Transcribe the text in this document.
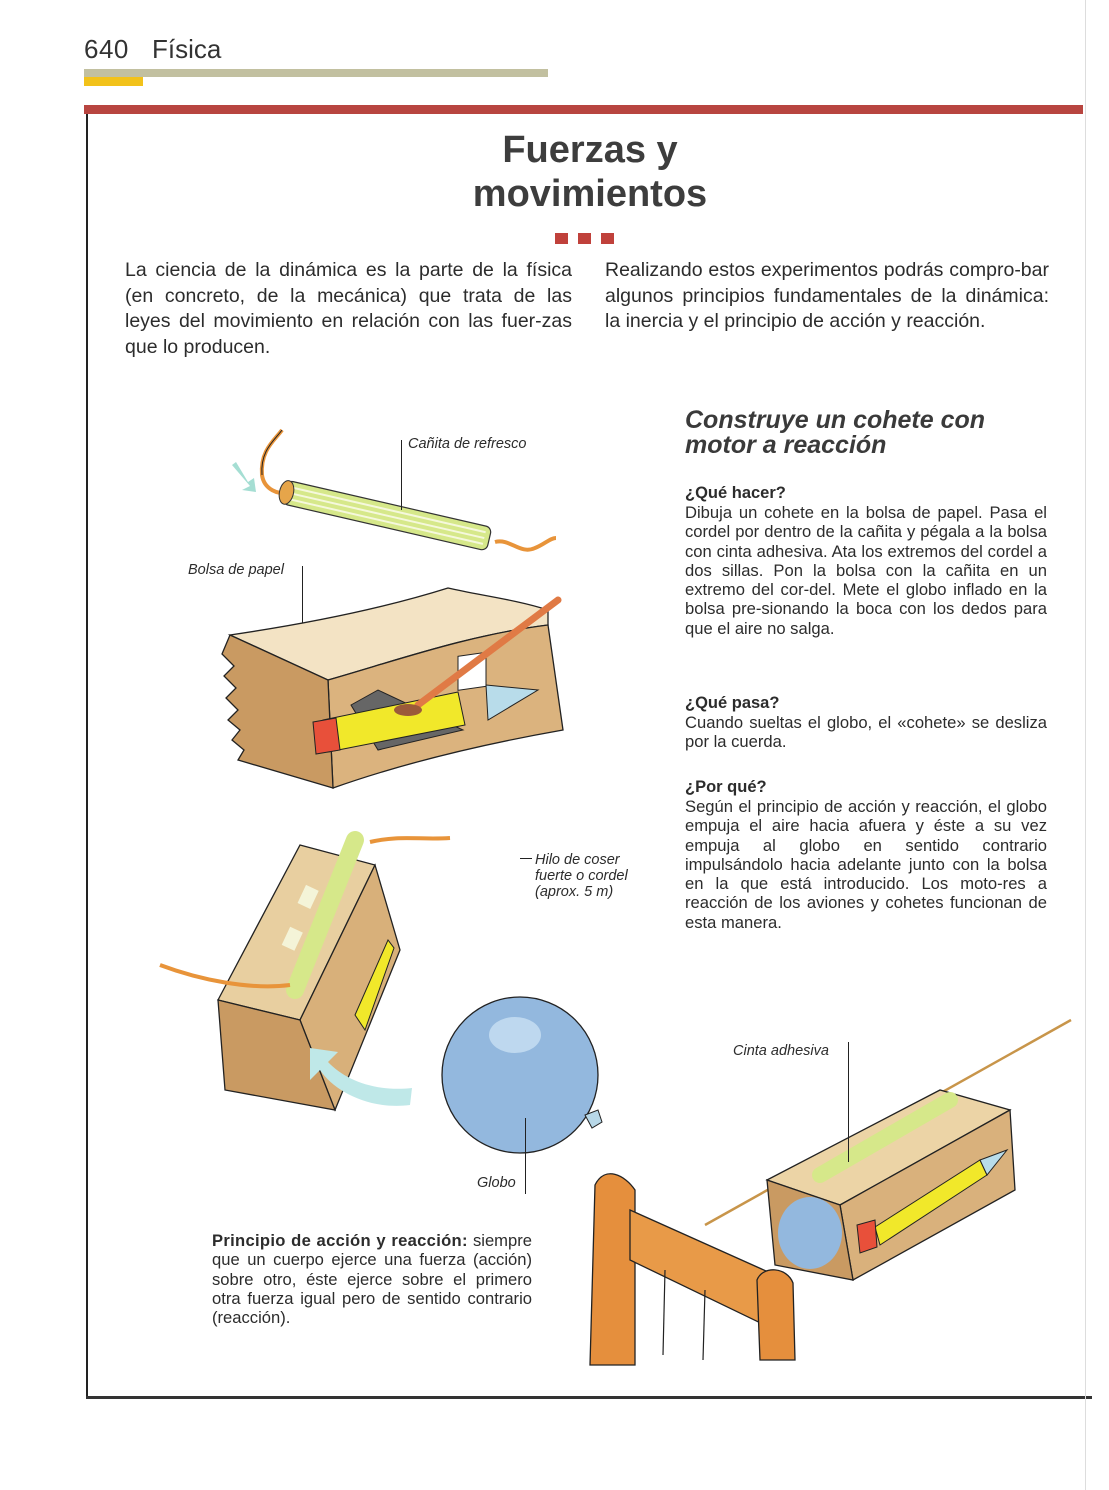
640 Física
Fuerzas y
movimientos
La ciencia de la dinámica es la parte de la física (en concreto, de la mecánica) que trata de las leyes del movimiento en relación con las fuer-zas que lo producen.
Realizando estos experimentos podrás compro-bar algunos principios fundamentales de la dinámica: la inercia y el principio de acción y reacción.
Construye un cohete con motor a reacción
¿Qué hacer?
Dibuja un cohete en la bolsa de papel. Pasa el cordel por dentro de la cañita y pégala a la bolsa con cinta adhesiva. Ata los extremos del cordel a dos sillas. Pon la bolsa con la cañita en un extremo del cor-del. Mete el globo inflado en la bolsa pre-sionando la boca con los dedos para que el aire no salga.
¿Qué pasa?
Cuando sueltas el globo, el «cohete» se desliza por la cuerda.
¿Por qué?
Según el principio de acción y reacción, el globo empuja el aire hacia afuera y éste a su vez empuja al globo en sentido contrario impulsándolo hacia adelante junto con la bolsa en la que está introducido. Los moto-res a reacción de los aviones y cohetes funcionan de esta manera.
Principio de acción y reacción: siempre que un cuerpo ejerce una fuerza (acción) sobre otro, éste ejerce sobre el primero otra fuerza igual pero de sentido contrario (reacción).
Cañita de refresco
Bolsa de papel
Hilo de coser
fuerte o cordel
(aprox. 5 m)
Globo
Cinta adhesiva
